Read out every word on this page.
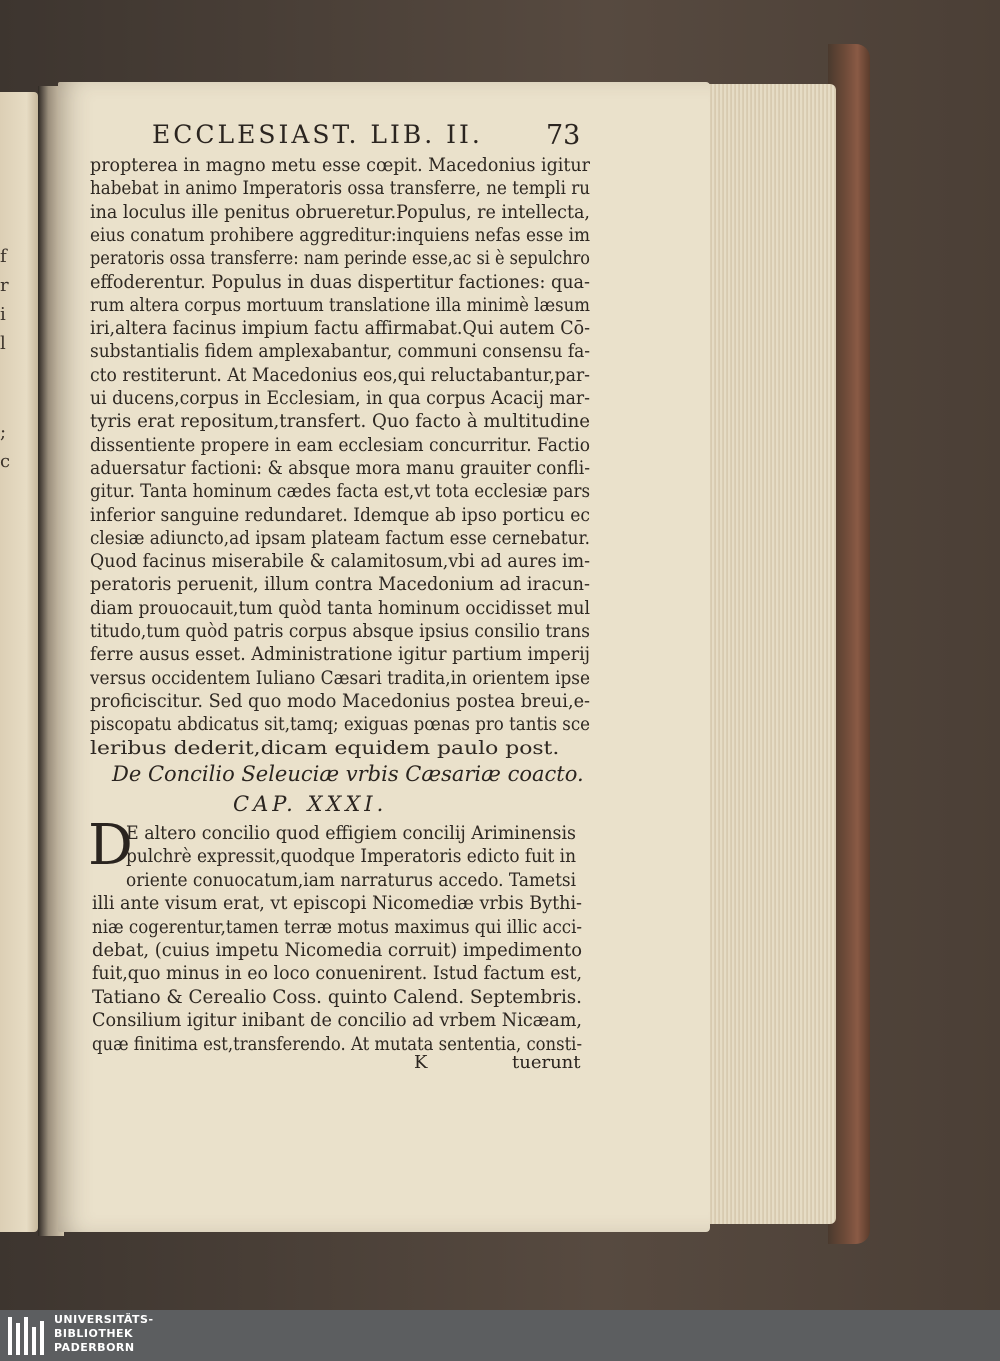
f
r
i
l
;
c
ECCLESIAST. LIB. II. 73
De Concilio Seleuciæ vrbis Cæsariæ coacto.
CAP. XXXI.
D
K	tuerunt
propterea in magno metu esse cœpit. Macedonius igitur
habebat in animo Imperatoris ossa transferre, ne templi ru
ina loculus ille penitus obrueretur.Populus, re intellecta,
eius conatum prohibere aggreditur:inquiens nefas esse im
peratoris ossa transferre: nam perinde esse,ac si è sepulchro
effoderentur. Populus in duas dispertitur factiones: qua-
rum altera corpus mortuum translatione illa minimè læsum
iri,altera facinus impium factu affirmabat.Qui autem Cō-
substantialis fidem amplexabantur, communi consensu fa-
cto restiterunt. At Macedonius eos,qui reluctabantur,par-
ui ducens,corpus in Ecclesiam, in qua corpus Acacij mar-
tyris erat repositum,transfert. Quo facto à multitudine
dissentiente propere in eam ecclesiam concurritur. Factio
aduersatur factioni: & absque mora manu grauiter confli-
gitur. Tanta hominum cædes facta est,vt tota ecclesiæ pars
inferior sanguine redundaret. Idemque ab ipso porticu ec
clesiæ adiuncto,ad ipsam plateam factum esse cernebatur.
Quod facinus miserabile & calamitosum,vbi ad aures im-
peratoris peruenit, illum contra Macedonium ad iracun-
diam prouocauit,tum quòd tanta hominum occidisset mul
titudo,tum quòd patris corpus absque ipsius consilio trans
ferre ausus esset. Administratione igitur partium imperij
versus occidentem Iuliano Cæsari tradita,in orientem ipse
proficiscitur. Sed quo modo Macedonius postea breui,e-
piscopatu abdicatus sit,tamq; exiguas pœnas pro tantis sce
leribus dederit,dicam equidem paulo post.
E altero concilio quod effigiem concilij Ariminensis
pulchrè expressit,quodque Imperatoris edicto fuit in
oriente conuocatum,iam narraturus accedo. Tametsi
illi ante visum erat, vt episcopi Nicomediæ vrbis Bythi-
niæ cogerentur,tamen terræ motus maximus qui illic acci-
debat, (cuius impetu Nicomedia corruit) impedimento
fuit,quo minus in eo loco conuenirent. Istud factum est,
Tatiano & Cerealio Coss. quinto Calend. Septembris.
Consilium igitur inibant de concilio ad vrbem Nicæam,
quæ finitima est,transferendo. At mutata sententia, consti-
UNIVERSITÄTS-
BIBLIOTHEK
PADERBORN
